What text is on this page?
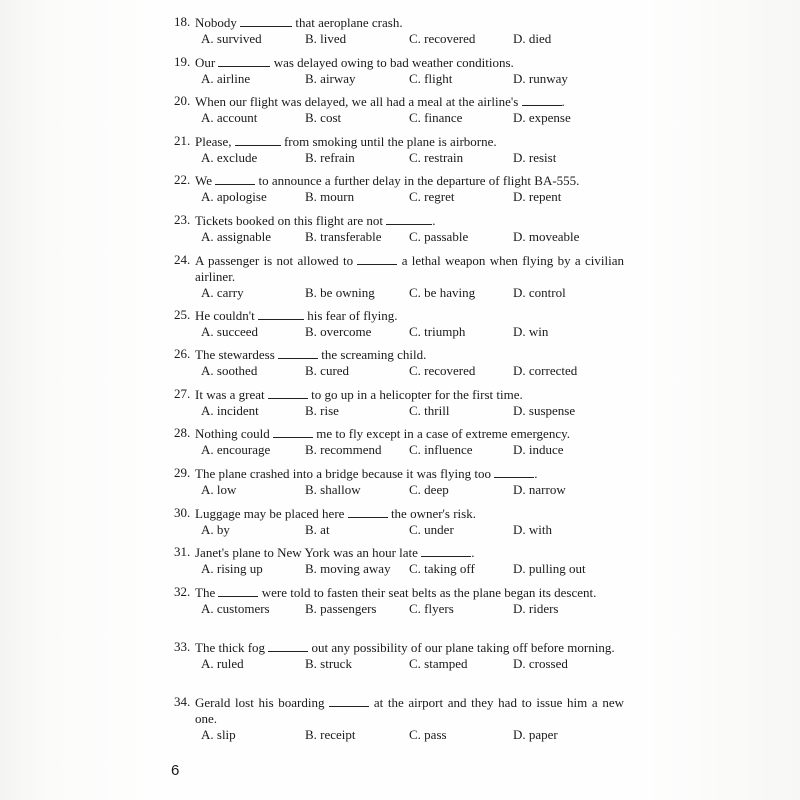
18. Nobody	that aeroplane crash.
A. survived	B. lived	C. recovered	D. died
19. Our	was delayed owing to bad weather conditions.
A. airline	B. airway	C. flight	D. runway
20. When our flight was delayed, we all had a meal at the airline's	.
A. account	B. cost	C. finance	D. expense
21. Please,	from smoking until the plane is airborne.
A. exclude	B. refrain	C. restrain	D. resist
22. We	to announce a further delay in the departure of flight BA-555.
A. apologise	B. mourn	C. regret	D. repent
23. Tickets booked on this flight are not	.
A. assignable	B. transferable	C. passable	D. moveable
24. A passenger is not allowed to	a lethal weapon when flying by a civilian airliner.
A. carry	B. be owning	C. be having	D. control
25. He couldn't	his fear of flying.
A. succeed	B. overcome	C. triumph	D. win
26. The stewardess	the screaming child.
A. soothed	B. cured	C. recovered	D. corrected
27. It was a great	to go up in a helicopter for the first time.
A. incident	B. rise	C. thrill	D. suspense
28. Nothing could	me to fly except in a case of extreme emergency.
A. encourage	B. recommend	C. influence	D. induce
29. The plane crashed into a bridge because it was flying too	.
A. low	B. shallow	C. deep	D. narrow
30. Luggage may be placed here	the owner's risk.
A. by	B. at	C. under	D. with
31. Janet's plane to New York was an hour late	.
A. rising up	B. moving away	C. taking off	D. pulling out
32. The	were told to fasten their seat belts as the plane began its descent.
A. customers	B. passengers	C. flyers	D. riders
33. The thick fog	out any possibility of our plane taking off before morning.
A. ruled	B. struck	C. stamped	D. crossed
34. Gerald lost his boarding	at the airport and they had to issue him a new one.
A. slip	B. receipt	C. pass	D. paper
6
